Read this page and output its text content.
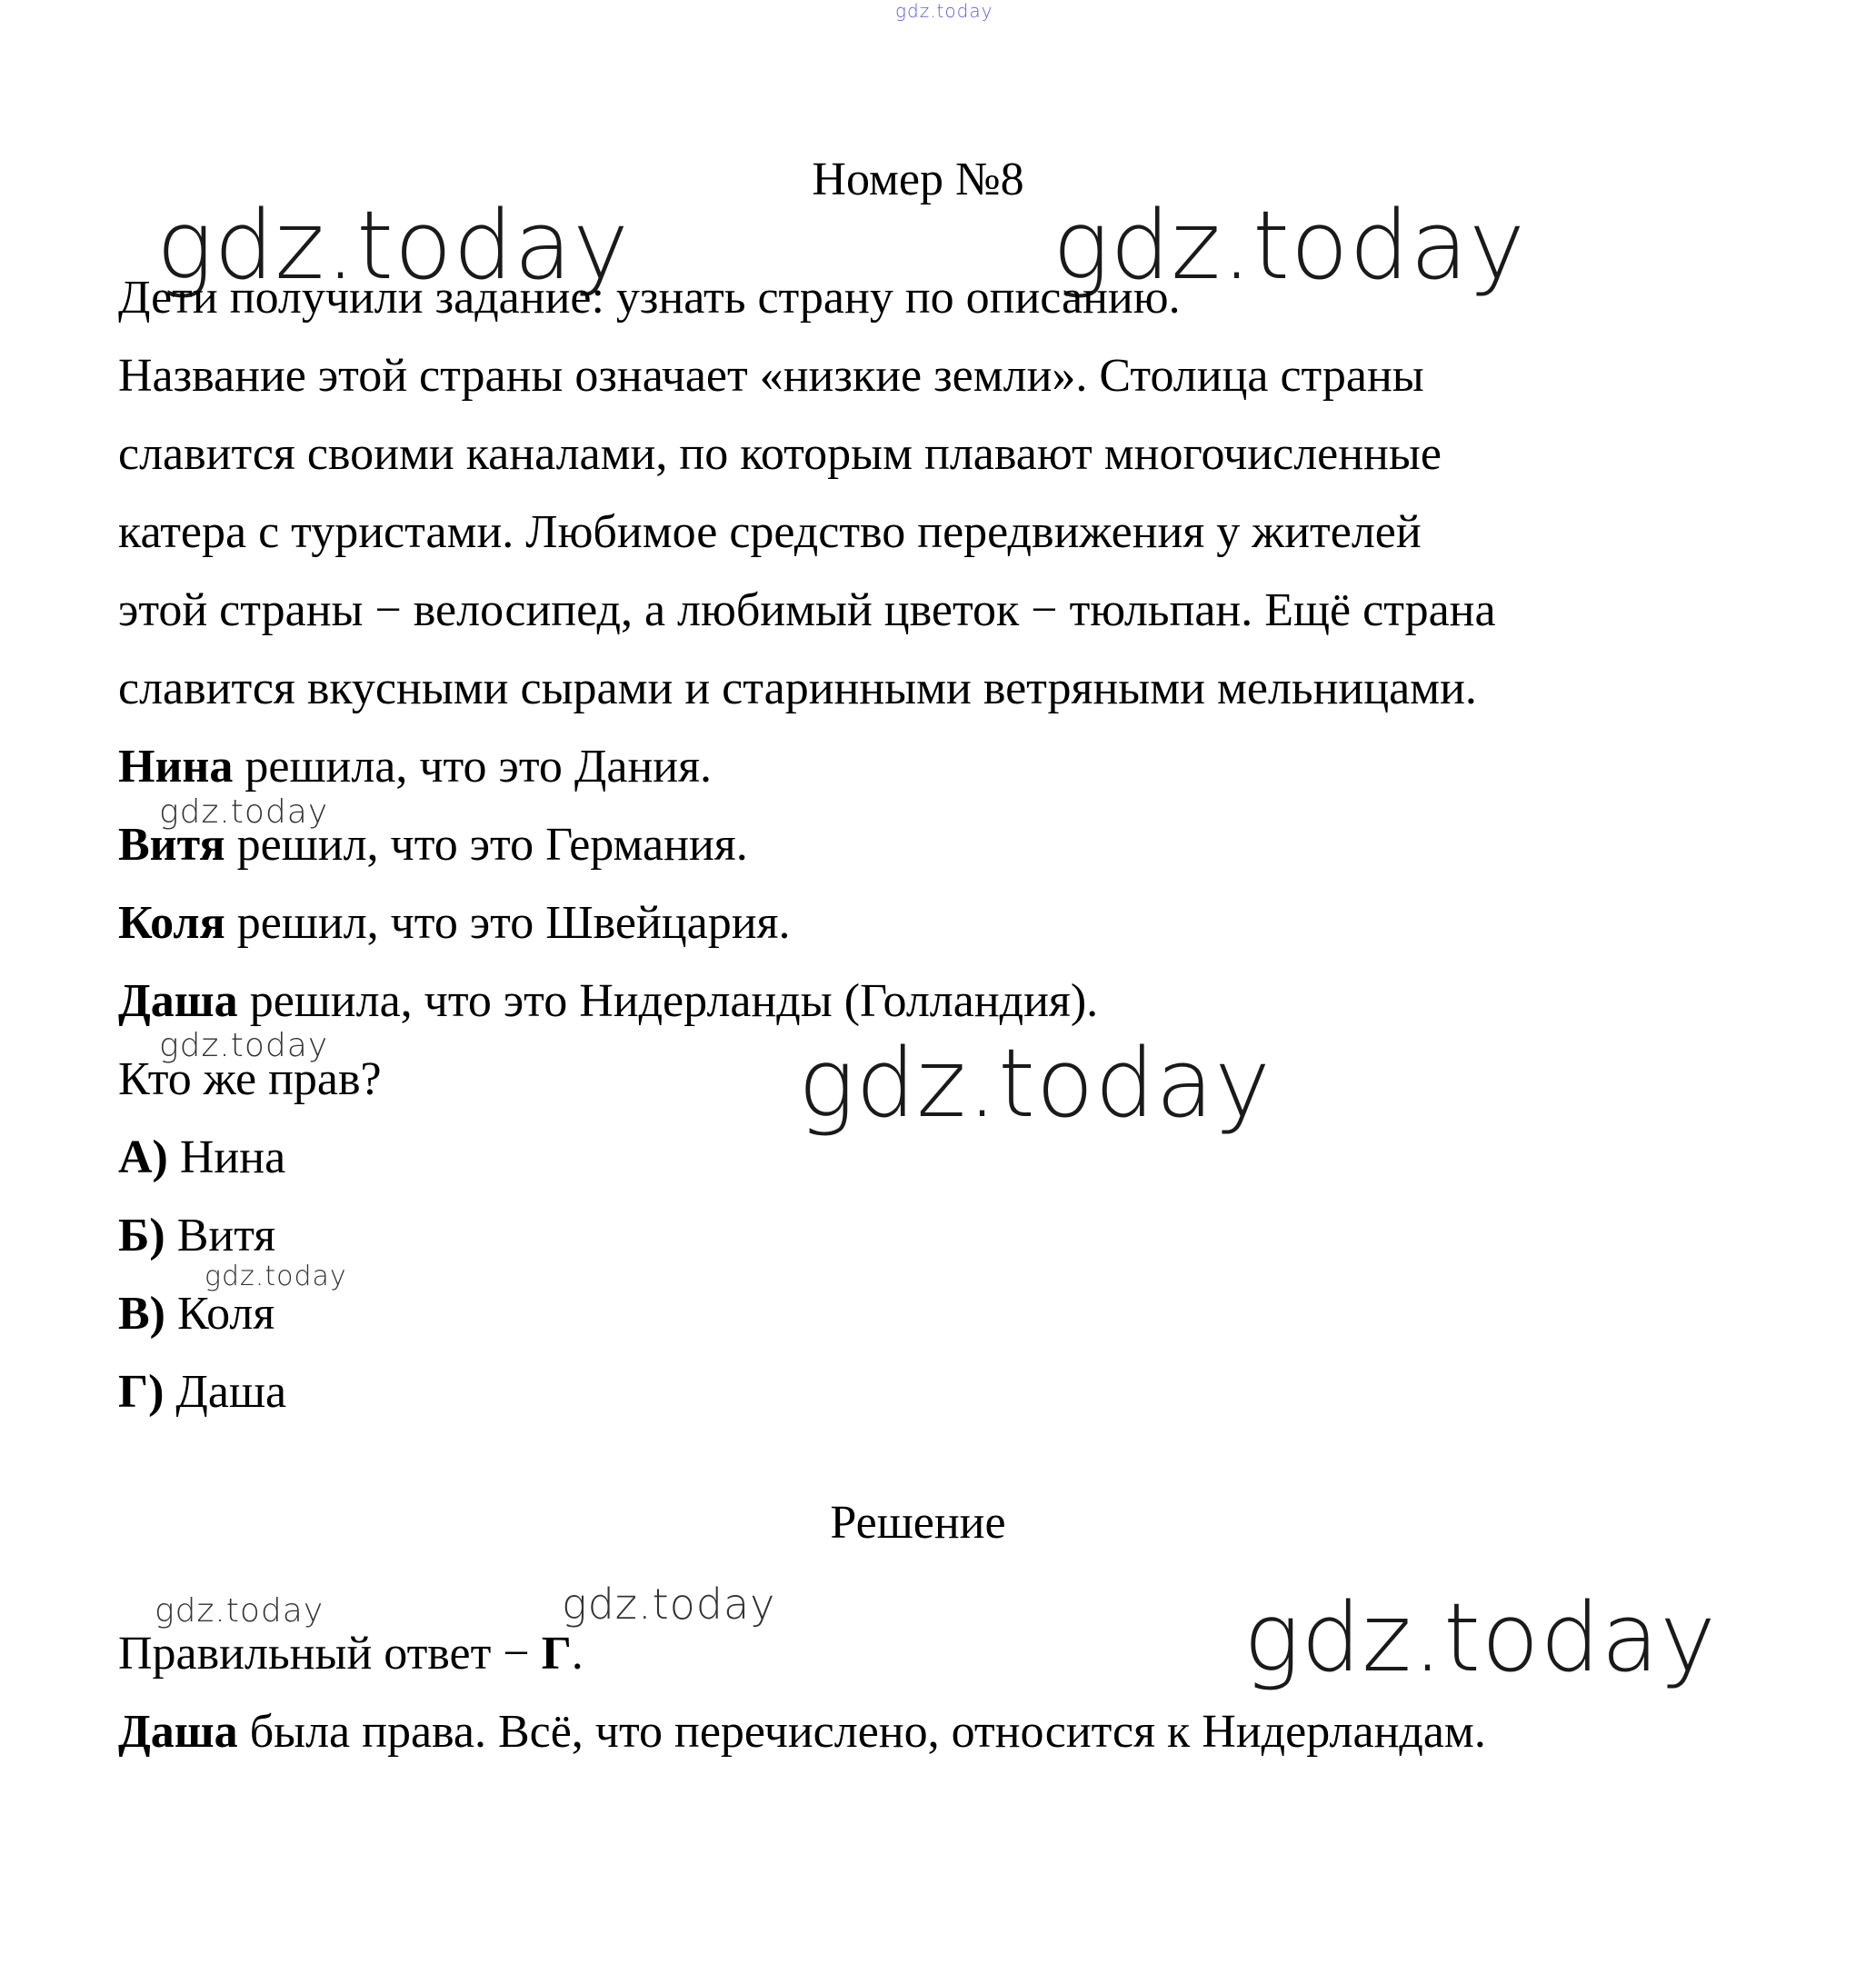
gdz.today
gdz.today	gdz.today
gdz.today
gdz.today
gdz.today
gdz.today
gdz.today
gdz.today	gdz.today
Номер №8
Дети получили задание: узнать страну по описанию.
Название этой страны означает «низкие земли». Столица страны
славится своими каналами, по которым плавают многочисленные
катера с туристами. Любимое средство передвижения у жителей
этой страны − велосипед, а любимый цветок − тюльпан. Ещё страна
славится вкусными сырами и старинными ветряными мельницами.
Нина решила, что это Дания.
Витя решил, что это Германия.
Коля решил, что это Швейцария.
Даша решила, что это Нидерланды (Голландия).
Кто же прав?
А) Нина
Б) Витя
В) Коля
Г) Даша
Решение
Правильный ответ − Г.
Даша была права. Всё, что перечислено, относится к Нидерландам.
